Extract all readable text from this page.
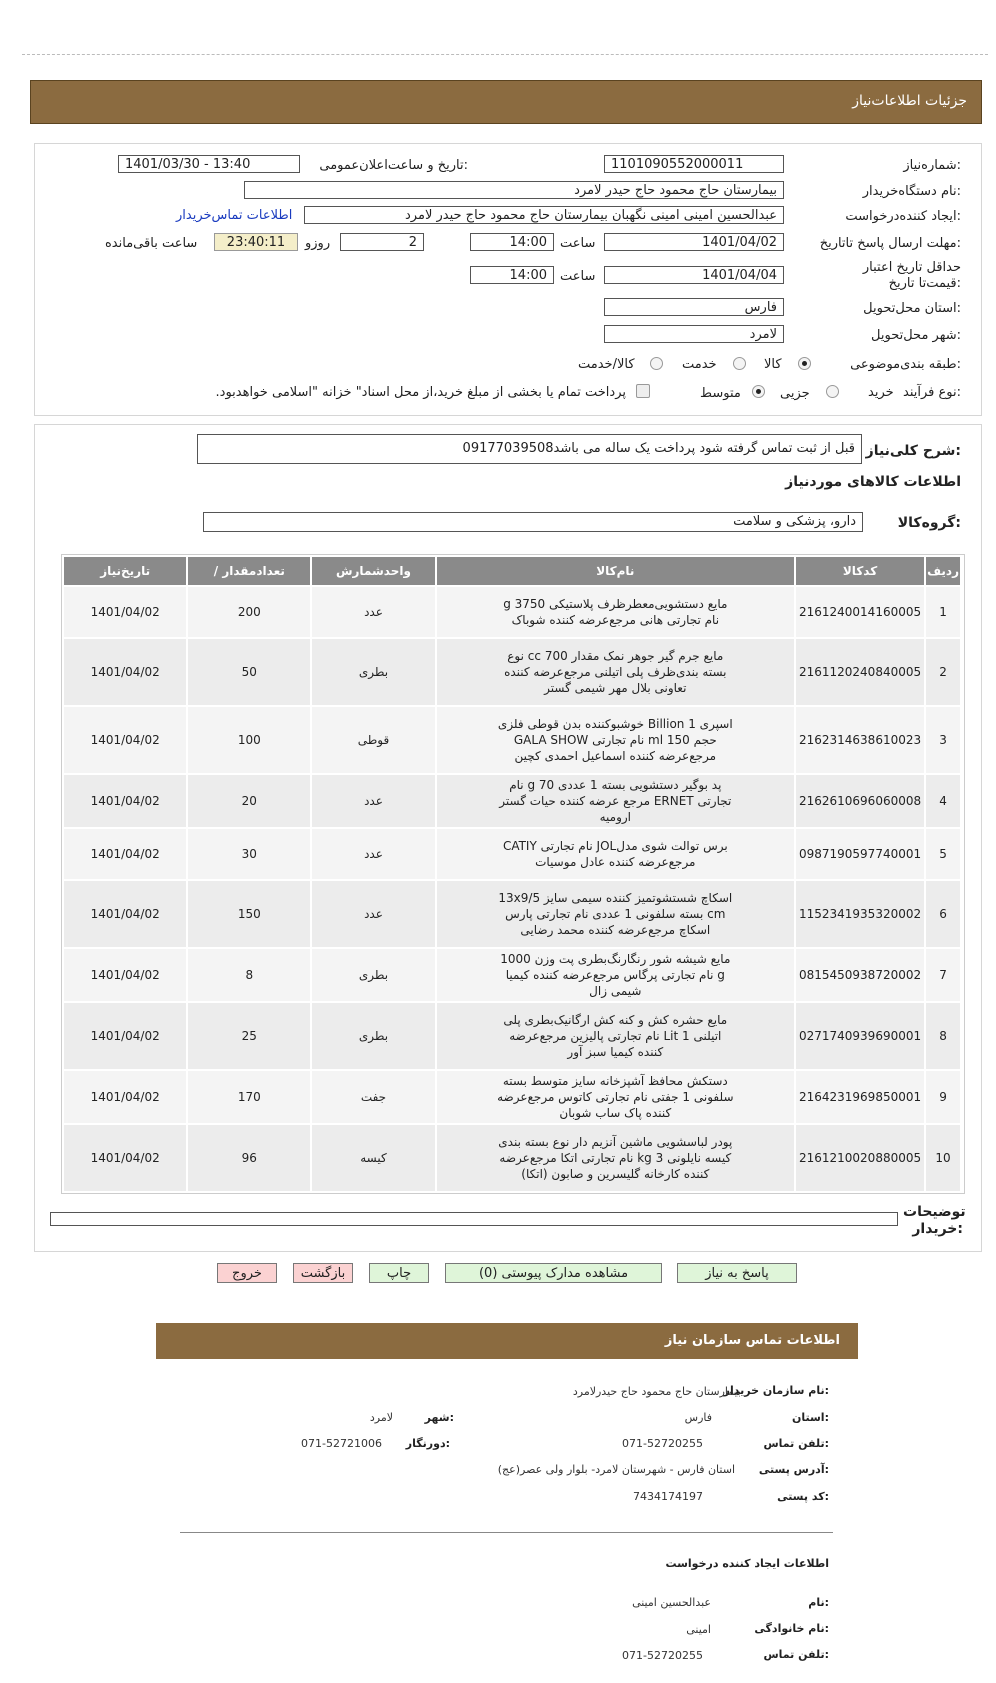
جزئیات اطلاعات‌نیاز
شماره‌نیاز:
1101090552000011
تاریخ و ساعت‌اعلان‌عمومی:
1401/03/30 - 13:40
نام دستگاه‌خریدار:
بیمارستان حاج محمود حاج حیدر لامرد
ایجاد کننده‌درخواست:
عبدالحسین امینی امینی نگهبان بیمارستان حاج محمود حاج حیدر لامرد
اطلاعات تماس‌خریدار
مهلت ارسال پاسخ تا‌تاریخ:
1401/04/02
ساعت
14:00
2
روزو
23:40:11
ساعت باقی‌مانده
حداقل تاریخ اعتبار قیمت‌تا تاریخ:
1401/04/04
ساعت
14:00
استان محل‌تحویل:
فارس
شهر محل‌تحویل:
لامرد
طبقه بندی‌موضوعی:
کالا
خدمت
کالا/خدمت
نوع فرآیند:
خرید
جزیی
متوسط
پرداخت تمام یا بخشی از مبلغ خرید،از محل اسناد" خزانه "اسلامی خواهد‌بود.
شرح کلی‌نیاز:
قبل از ثبت تماس گرفته شود پرداخت یک ساله می باشد09177039508
اطلاعات کالاهای موردنیاز
گروه‌کالا:
دارو، پزشکی و سلامت
ردیف	کدکالا	نام‌کالا	واحدشمارش	تعداد‌مقدار /	تاریخ‌نیاز
1	2161240014160005	مایع دستشویی‌معطرظرف پلاستیکی 3750 g نام تجارتی هانی مرجع‌عرضه کننده شوباک	عدد	200	1401/04/02
2	2161120240840005	مایع جرم گیر جوهر نمک مقدار 700 cc نوع بسته بندی‌ظرف پلی اتیلنی مرجع‌عرضه کننده تعاونی بلال مهر شیمی گستر	بطری	50	1401/04/02
3	2162314638610023	اسپری 1 Billion خوشبوکننده بدن قوطی فلزی حجم 150 ml نام تجارتی GALA SHOW مرجع‌عرضه کننده اسماعیل احمدی کچین	قوطی	100	1401/04/02
4	2162610696060008	پد بوگیر دستشویی بسته 1 عددی 70 g نام تجارتی ERNET مرجع عرضه کننده حیات گستر ارومیه	عدد	20	1401/04/02
5	0987190597740001	برس توالت شوی مدلJOL نام تجارتی CATIY مرجع‌عرضه کننده عادل موسیات	عدد	30	1401/04/02
6	1152341935320002	اسکاچ شستشو‌تمیز کننده سیمی سایز 13x9/5 cm بسته سلفونی 1 عددی نام تجارتی پارس اسکاچ مرجع‌عرضه کننده محمد رضایی	عدد	150	1401/04/02
7	0815450938720002	مایع شیشه شور رنگارنگ‌بطری پت وزن 1000 g نام تجارتی پرگاس مرجع‌عرضه کننده کیمیا شیمی زال	بطری	8	1401/04/02
8	0271740939690001	مایع حشره کش و کنه کش ارگانیک‌بطری پلی اتیلنی 1 Lit نام تجارتی پالیزین مرجع‌عرضه کننده کیمیا سبز آور	بطری	25	1401/04/02
9	2164231969850001	دستکش محافظ آشپزخانه سایز متوسط بسته سلفونی 1 جفتی نام تجارتی کاتوس مرجع‌عرضه کننده پاک ساب شوبان	جفت	170	1401/04/02
10	2161210020880005	پودر لباسشویی ماشین آنزیم دار نوع بسته بندی کیسه نایلونی 3 kg نام تجارتی اتکا مرجع‌عرضه کننده کارخانه گلیسرین و صابون (اتکا)	کیسه	96	1401/04/02
توضیحات خریدار:
پاسخ به نیاز
مشاهده مدارک پیوستی (0)
چاپ
بازگشت
خروج
اطلاعات تماس سازمان‌ نیاز
نام سازمان خریدار:
بیمارستان حاج محمود حاج حیدرلامرد
استان:
فارس
شهر:
لامرد
تلفن تماس:
071-52720255
دورنگار:
071-52721006
آدرس پستی:
استان فارس - شهرستان لامرد- بلوار ولی عصر(عج)
کد پستی:
7434174197
اطلاعات ایجاد کننده درخواست
نام:
عبدالحسین امینی
نام خانوادگی:
امینی
تلفن تماس:
071-52720255
